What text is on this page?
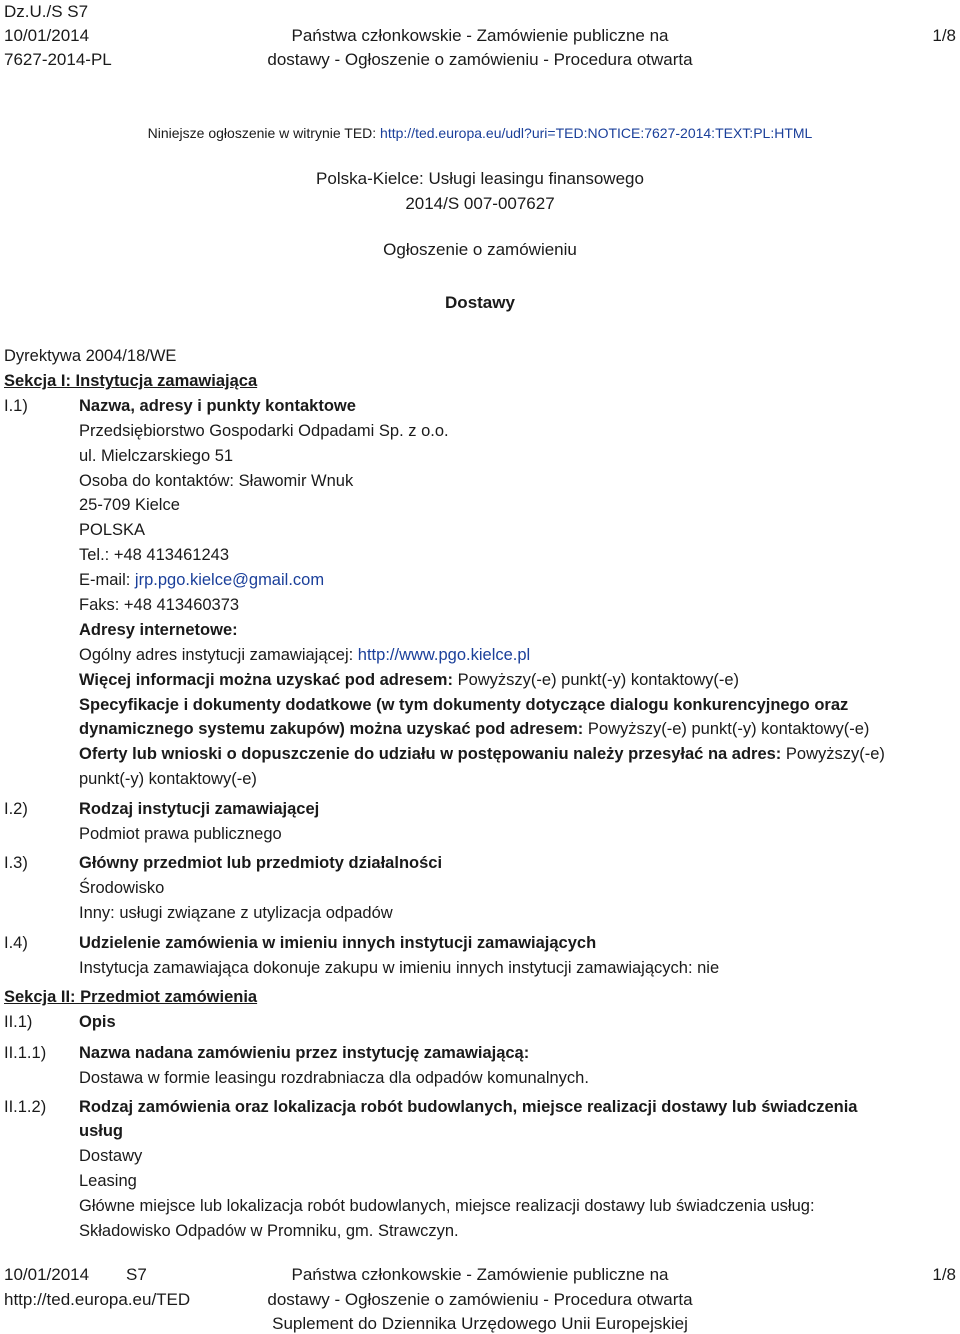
Dz.U./S S7
10/01/2014
7627-2014-PL
Państwa członkowskie - Zamówienie publiczne na
dostawy - Ogłoszenie o zamówieniu - Procedura otwarta
1/8
Niniejsze ogłoszenie w witrynie TED: http://ted.europa.eu/udl?uri=TED:NOTICE:7627-2014:TEXT:PL:HTML
Polska-Kielce: Usługi leasingu finansowego
2014/S 007-007627
Ogłoszenie o zamówieniu
Dostawy
Dyrektywa 2004/18/WE
Sekcja I: Instytucja zamawiająca
I.1)	Nazwa, adresy i punkty kontaktowe
Przedsiębiorstwo Gospodarki Odpadami Sp. z o.o.
ul. Mielczarskiego 51
Osoba do kontaktów: Sławomir Wnuk
25-709 Kielce
POLSKA
Tel.: +48 413461243
E-mail: jrp.pgo.kielce@gmail.com
Faks: +48 413460373
Adresy internetowe:
Ogólny adres instytucji zamawiającej: http://www.pgo.kielce.pl
Więcej informacji można uzyskać pod adresem: Powyższy(-e) punkt(-y) kontaktowy(-e)
Specyfikacje i dokumenty dodatkowe (w tym dokumenty dotyczące dialogu konkurencyjnego oraz
dynamicznego systemu zakupów) można uzyskać pod adresem: Powyższy(-e) punkt(-y) kontaktowy(-e)
Oferty lub wnioski o dopuszczenie do udziału w postępowaniu należy przesyłać na adres: Powyższy(-e)
punkt(-y) kontaktowy(-e)
I.2)	Rodzaj instytucji zamawiającej
Podmiot prawa publicznego
I.3)	Główny przedmiot lub przedmioty działalności
Środowisko
Inny: usługi związane z utylizacja odpadów
I.4)	Udzielenie zamówienia w imieniu innych instytucji zamawiających
Instytucja zamawiająca dokonuje zakupu w imieniu innych instytucji zamawiających: nie
Sekcja II: Przedmiot zamówienia
II.1)	Opis
II.1.1) Nazwa nadana zamówieniu przez instytucję zamawiającą:
Dostawa w formie leasingu rozdrabniacza dla odpadów komunalnych.
II.1.2) Rodzaj zamówienia oraz lokalizacja robót budowlanych, miejsce realizacji dostawy lub świadczenia
usług
Dostawy
Leasing
Główne miejsce lub lokalizacja robót budowlanych, miejsce realizacji dostawy lub świadczenia usług:
Składowisko Odpadów w Promniku, gm. Strawczyn.
10/01/2014 S7
http://ted.europa.eu/TED
Państwa członkowskie - Zamówienie publiczne na
dostawy - Ogłoszenie o zamówieniu - Procedura otwarta
Suplement do Dziennika Urzędowego Unii Europejskiej
1/8
